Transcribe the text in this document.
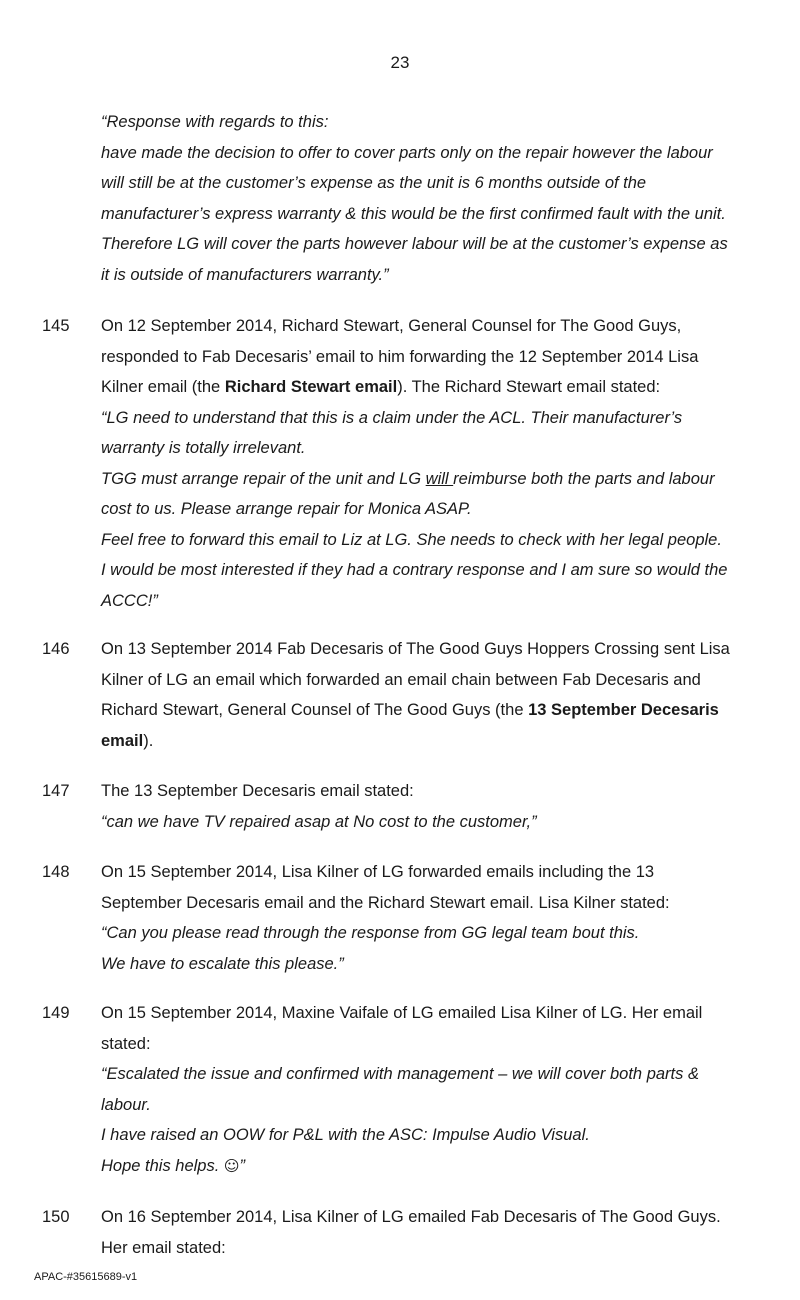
23
“Response with regards to this:
have made the decision to offer to cover parts only on the repair however the labour
will still be at the customer’s expense as the unit is 6 months outside of the
manufacturer’s express warranty & this would be the first confirmed fault with the unit.
Therefore LG will cover the parts however labour will be at the customer’s expense as
it is outside of manufacturers warranty.”
145 On 12 September 2014, Richard Stewart, General Counsel for The Good Guys,
responded to Fab Decesaris’ email to him forwarding the 12 September 2014 Lisa
Kilner email (the Richard Stewart email). The Richard Stewart email stated:
“LG need to understand that this is a claim under the ACL. Their manufacturer’s
warranty is totally irrelevant.
TGG must arrange repair of the unit and LG will reimburse both the parts and labour
cost to us. Please arrange repair for Monica ASAP.
Feel free to forward this email to Liz at LG. She needs to check with her legal people.
I would be most interested if they had a contrary response and I am sure so would the
ACCC!”
146 On 13 September 2014 Fab Decesaris of The Good Guys Hoppers Crossing sent Lisa
Kilner of LG an email which forwarded an email chain between Fab Decesaris and
Richard Stewart, General Counsel of The Good Guys (the 13 September Decesaris
email).
147 The 13 September Decesaris email stated:
“can we have TV repaired asap at No cost to the customer,”
148 On 15 September 2014, Lisa Kilner of LG forwarded emails including the 13
September Decesaris email and the Richard Stewart email. Lisa Kilner stated:
“Can you please read through the response from GG legal team bout this.
We have to escalate this please.”
149 On 15 September 2014, Maxine Vaifale of LG emailed Lisa Kilner of LG. Her email
stated:
“Escalated the issue and confirmed with management – we will cover both parts &
labour.
I have raised an OOW for P&L with the ASC: Impulse Audio Visual.
Hope this helps. ☺”
150 On 16 September 2014, Lisa Kilner of LG emailed Fab Decesaris of The Good Guys.
Her email stated:
APAC-#35615689-v1
